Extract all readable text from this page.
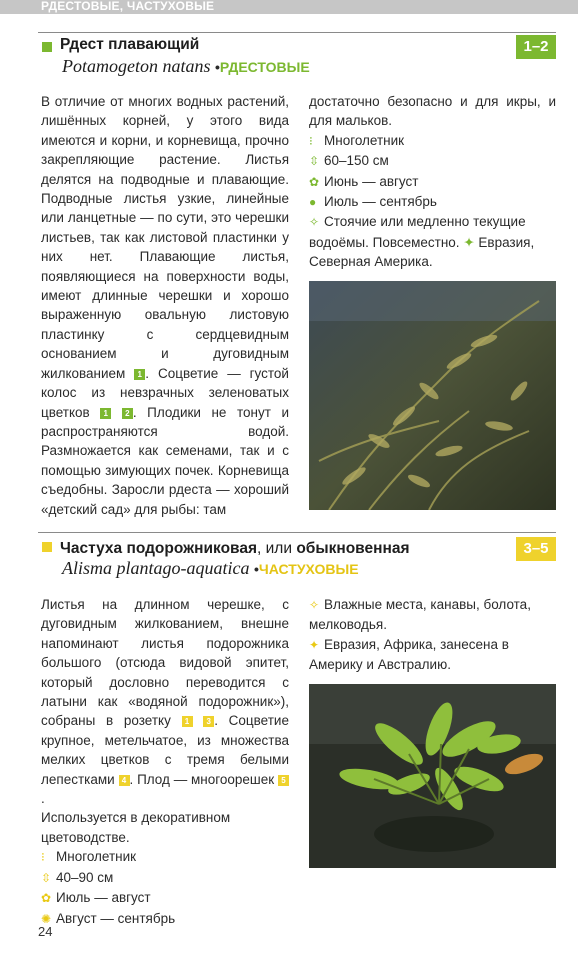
РДЕСТОВЫЕ, ЧАСТУХОВЫЕ
Рдест плавающий
Potamogeton natans •РДЕСТОВЫЕ
1–2

В отличие от многих водных растений, лишённых корней, у этого вида имеются и корни, и корневища, прочно закрепляющие растение. Листья делятся на подводные и плавающие. Подводные листья узкие, линейные или ланцетные — по сути, это черешки листьев, так как листовой пластинки у них нет. Плавающие листья, появляющиеся на поверхности воды, имеют длинные черешки и хорошо выраженную овальную листовую пластинку с сердцевидным основанием и дуговидным жилкованием 1 . Соцветие — густой колос из невзрачных зеленоватых цветков 1 2 . Плодики не тонут и распространяются водой. Размножается как семенами, так и с помощью зимующих почек. Корневища съедобны. Заросли рдеста — хороший «детский сад» для рыбы: там

достаточно безопасно и для икры, и для мальков.

⁝ Многолетник
⇳ 60–150 см
✿ Июнь — август
● Июль — сентябрь
✧ Стоячие или медленно текущие водоёмы. Повсеместно. ✦ Евразия, Северная Америка.
Частуха подорожниковая, или обыкновенная
Alisma plantago-aquatica •ЧАСТУХОВЫЕ
3–5

Листья на длинном черешке, с дуговидным жилкованием, внешне напоминают листья подорожника большого (отсюда видовой эпитет, который дословно переводится с латыни как «водяной подорожник»), собраны в розетку 1 3 . Соцветие крупное, метельчатое, из множества мелких цветков с тремя белыми лепестками 4 . Плод — многоорешек 5.

Используется в декоративном цветоводстве.

⁝ Многолетник
⇳ 40–90 см
✿ Июль — август
✺ Август — сентябрь
✧ Влажные места, канавы, болота, мелководья.
✦ Евразия, Африка, занесена в Америку и Австралию.
24
